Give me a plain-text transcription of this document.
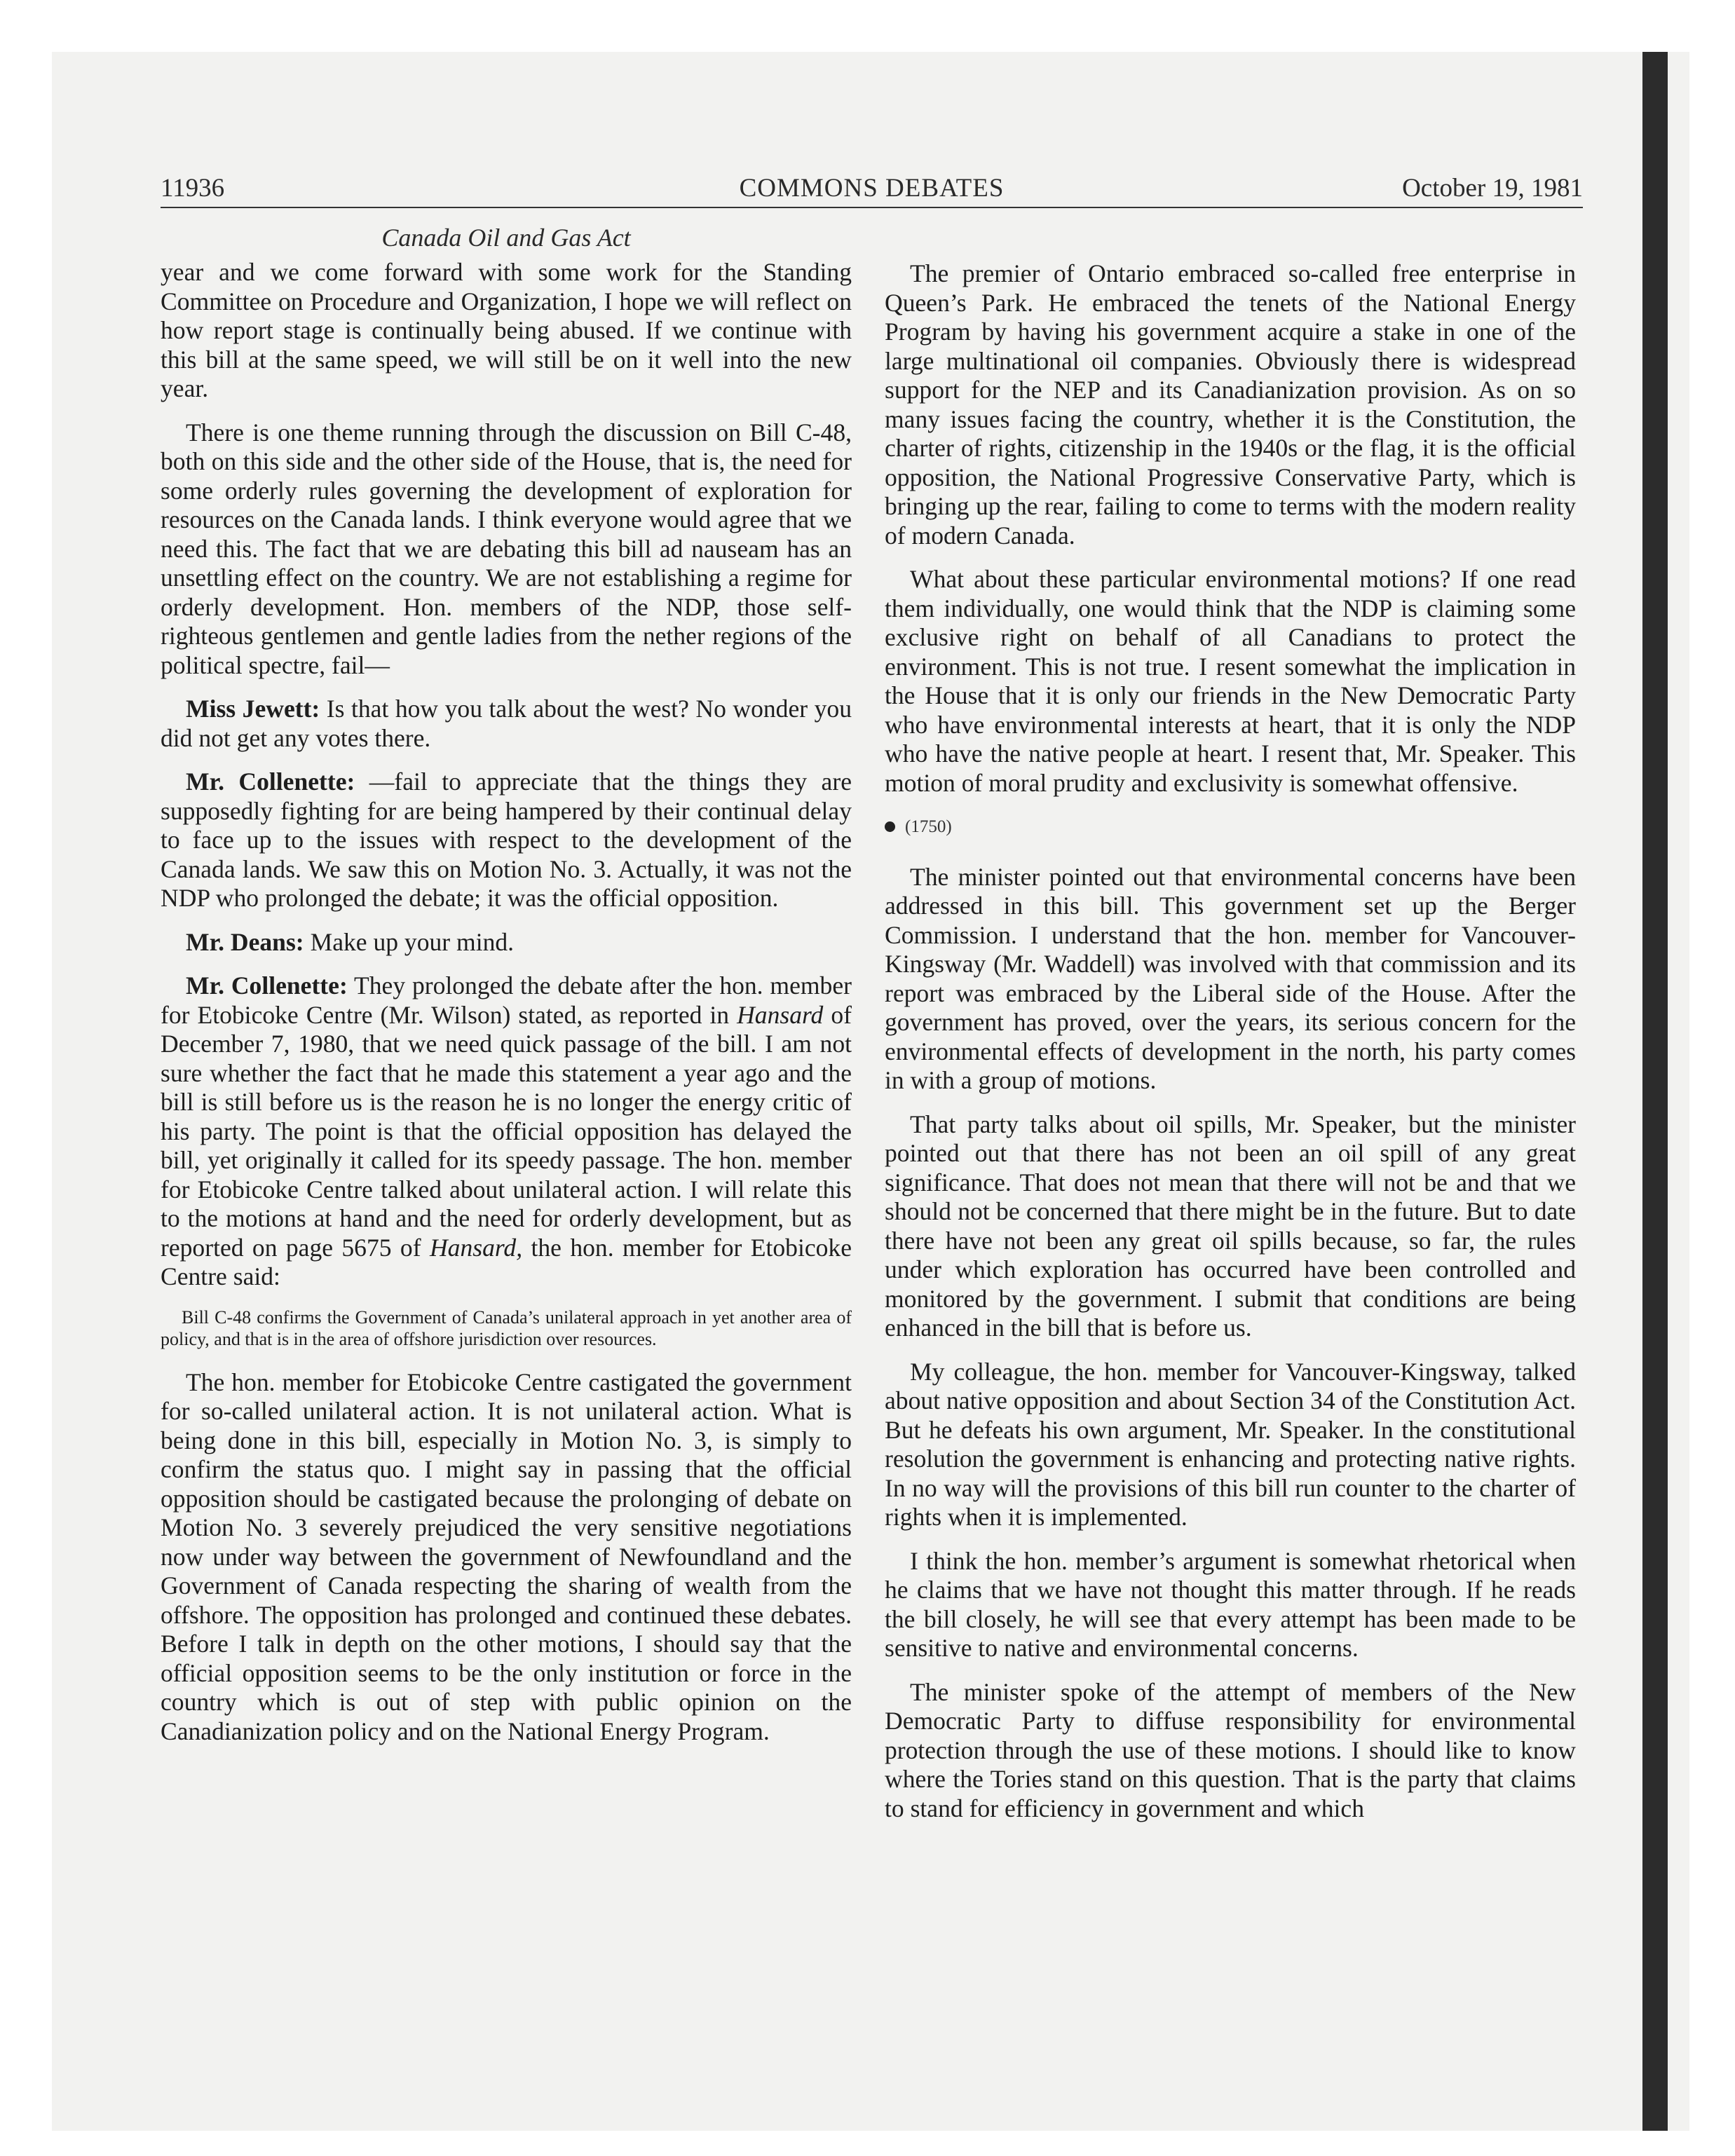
11936	COMMONS DEBATES	October 19, 1981
Canada Oil and Gas Act

year and we come forward with some work for the Standing Committee on Procedure and Organization, I hope we will reflect on how report stage is continually being abused. If we continue with this bill at the same speed, we will still be on it well into the new year.

There is one theme running through the discussion on Bill C-48, both on this side and the other side of the House, that is, the need for some orderly rules governing the development of exploration for resources on the Canada lands. I think everyone would agree that we need this. The fact that we are debating this bill ad nauseam has an unsettling effect on the country. We are not establishing a regime for orderly development. Hon. members of the NDP, those self-righteous gentlemen and gentle ladies from the nether regions of the political spectre, fail—

Miss Jewett: Is that how you talk about the west? No wonder you did not get any votes there.

Mr. Collenette: —fail to appreciate that the things they are supposedly fighting for are being hampered by their continual delay to face up to the issues with respect to the development of the Canada lands. We saw this on Motion No. 3. Actually, it was not the NDP who prolonged the debate; it was the official opposition.

Mr. Deans: Make up your mind.

Mr. Collenette: They prolonged the debate after the hon. member for Etobicoke Centre (Mr. Wilson) stated, as reported in Hansard of December 7, 1980, that we need quick passage of the bill. I am not sure whether the fact that he made this statement a year ago and the bill is still before us is the reason he is no longer the energy critic of his party. The point is that the official opposition has delayed the bill, yet originally it called for its speedy passage. The hon. member for Etobicoke Centre talked about unilateral action. I will relate this to the motions at hand and the need for orderly development, but as reported on page 5675 of Hansard, the hon. member for Etobicoke Centre said:

Bill C-48 confirms the Government of Canada’s unilateral approach in yet another area of policy, and that is in the area of offshore jurisdiction over resources.

The hon. member for Etobicoke Centre castigated the government for so-called unilateral action. It is not unilateral action. What is being done in this bill, especially in Motion No. 3, is simply to confirm the status quo. I might say in passing that the official opposition should be castigated because the prolonging of debate on Motion No. 3 severely prejudiced the very sensitive negotiations now under way between the government of Newfoundland and the Government of Canada respecting the sharing of wealth from the offshore. The opposition has prolonged and continued these debates. Before I talk in depth on the other motions, I should say that the official opposition seems to be the only institution or force in the country which is out of step with public opinion on the Canadianization policy and on the National Energy Program.

The premier of Ontario embraced so-called free enterprise in Queen’s Park. He embraced the tenets of the National Energy Program by having his government acquire a stake in one of the large multinational oil companies. Obviously there is widespread support for the NEP and its Canadianization provision. As on so many issues facing the country, whether it is the Constitution, the charter of rights, citizenship in the 1940s or the flag, it is the official opposition, the National Progressive Conservative Party, which is bringing up the rear, failing to come to terms with the modern reality of modern Canada.

What about these particular environmental motions? If one read them individually, one would think that the NDP is claiming some exclusive right on behalf of all Canadians to protect the environment. This is not true. I resent somewhat the implication in the House that it is only our friends in the New Democratic Party who have environmental interests at heart, that it is only the NDP who have the native people at heart. I resent that, Mr. Speaker. This motion of moral prudity and exclusivity is somewhat offensive.

(1750)

The minister pointed out that environmental concerns have been addressed in this bill. This government set up the Berger Commission. I understand that the hon. member for Vancouver-Kingsway (Mr. Waddell) was involved with that commission and its report was embraced by the Liberal side of the House. After the government has proved, over the years, its serious concern for the environmental effects of development in the north, his party comes in with a group of motions.

That party talks about oil spills, Mr. Speaker, but the minister pointed out that there has not been an oil spill of any great significance. That does not mean that there will not be and that we should not be concerned that there might be in the future. But to date there have not been any great oil spills because, so far, the rules under which exploration has occurred have been controlled and monitored by the government. I submit that conditions are being enhanced in the bill that is before us.

My colleague, the hon. member for Vancouver-Kingsway, talked about native opposition and about Section 34 of the Constitution Act. But he defeats his own argument, Mr. Speaker. In the constitutional resolution the government is enhancing and protecting native rights. In no way will the provisions of this bill run counter to the charter of rights when it is implemented.

I think the hon. member’s argument is somewhat rhetorical when he claims that we have not thought this matter through. If he reads the bill closely, he will see that every attempt has been made to be sensitive to native and environmental concerns.

The minister spoke of the attempt of members of the New Democratic Party to diffuse responsibility for environmental protection through the use of these motions. I should like to know where the Tories stand on this question. That is the party that claims to stand for efficiency in government and which
